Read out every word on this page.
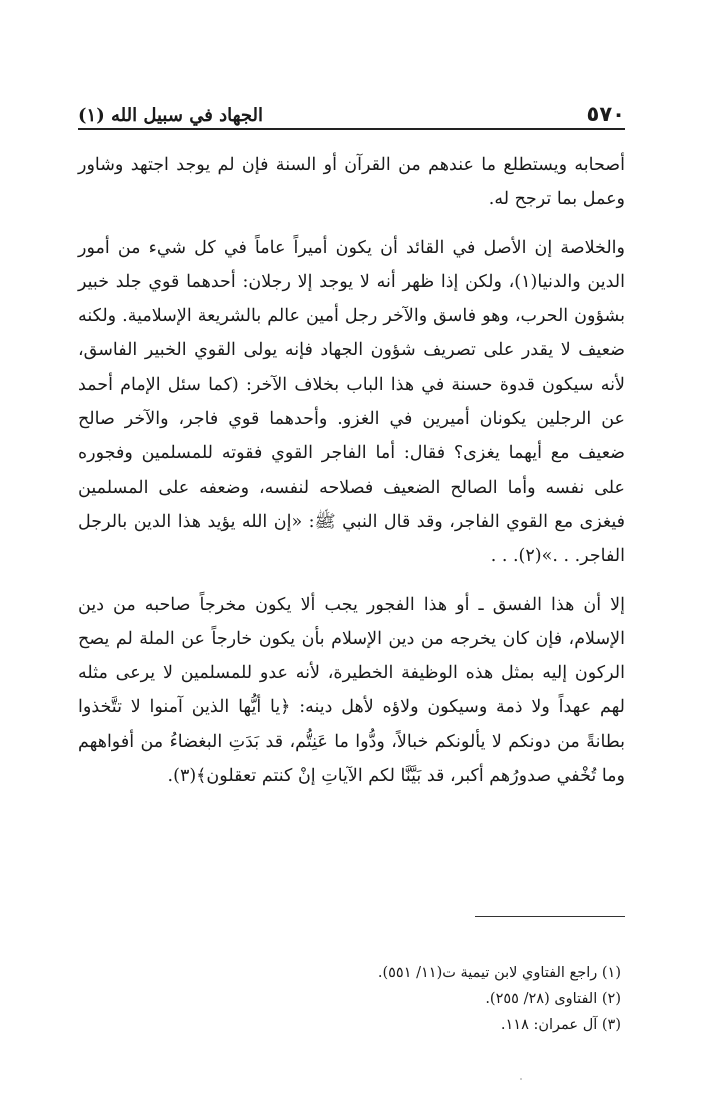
٥٧٠
الجهاد في سبيل الله (١)

أصحابه ويستطلع ما عندهم من القرآن أو السنة فإن لم يوجد اجتهد وشاور وعمل بما ترجح له.

والخلاصة إن الأصل في القائد أن يكون أميراً عاماً في كل شيء من أمور الدين والدنيا(١)، ولكن إذا ظهر أنه لا يوجد إلا رجلان: أحدهما قوي جلد خبير بشؤون الحرب، وهو فاسق والآخر رجل أمين عالم بالشريعة الإسلامية. ولكنه ضعيف لا يقدر على تصريف شؤون الجهاد فإنه يولى القوي الخبير الفاسق، لأنه سيكون قدوة حسنة في هذا الباب بخلاف الآخر: (كما سئل الإمام أحمد عن الرجلين يكونان أميرين في الغزو. وأحدهما قوي فاجر، والآخر صالح ضعيف مع أيهما يغزى؟ فقال: أما الفاجر القوي فقوته للمسلمين وفجوره على نفسه وأما الصالح الضعيف فصلاحه لنفسه، وضعفه على المسلمين فيغزى مع القوي الفاجر، وقد قال النبي ﷺ: «إن الله يؤيد هذا الدين بالرجل الفاجر. . .»(٢). . .

إلا أن هذا الفسق ـ أو هذا الفجور يجب ألا يكون مخرجاً صاحبه من دين الإسلام، فإن كان يخرجه من دين الإسلام بأن يكون خارجاً عن الملة لم يصح الركون إليه بمثل هذه الوظيفة الخطيرة، لأنه عدو للمسلمين لا يرعى مثله لهم عهداً ولا ذمة وسيكون ولاؤه لأهل دينه: ﴿يا أيُّها الذين آمنوا لا تتَّخذوا بطانةً من دونكم لا يألونكم خبالاً، ودُّوا ما عَنِتُّم، قد بَدَتِ البغضاءُ من أفواههم وما تُخْفي صدورُهم أكبر، قد بَيَّنَّا لكم الآياتِ إنْ كنتم تعقلون﴾(٣).

(١) راجع الفتاوي لابن تيمية ت(١١/ ٥٥١).
(٢) الفتاوى (٢٨/ ٢٥٥).
(٣) آل عمران: ١١٨.
